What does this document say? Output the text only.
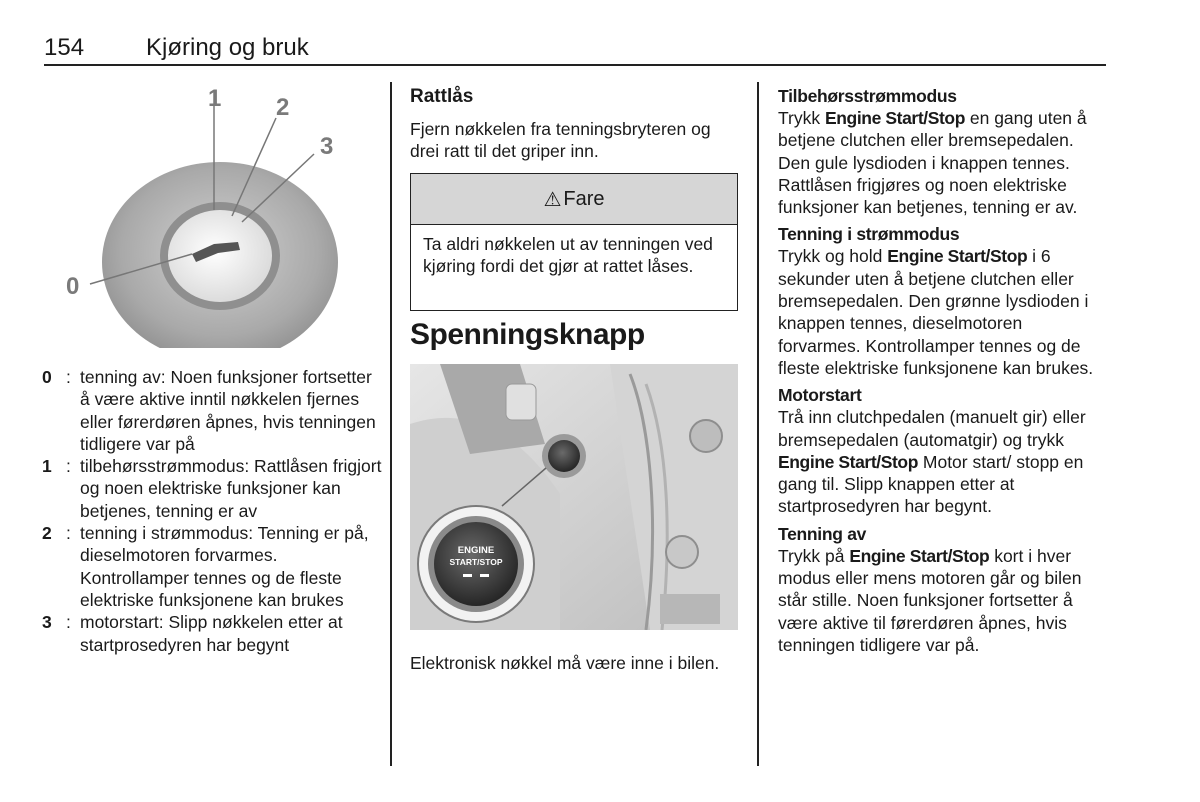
154	Kjøring og bruk
1 2
3
0
0 : tenning av: Noen funksjoner fortsetter å være aktive inntil nøkkelen fjernes eller førerdøren åpnes, hvis tenningen tidligere var på
1 : tilbehørsstrømmodus: Rattlåsen frigjort og noen elektriske funksjoner kan betjenes, tenning er av
2 : tenning i strømmodus: Tenning er på, dieselmotoren forvarmes. Kontrollamper tennes og de fleste elektriske funksjonene kan brukes
3 : motorstart: Slipp nøkkelen etter at startprosedyren har begynt
Rattlås
Fjern nøkkelen fra tenningsbryteren og drei ratt til det griper inn.
⚠ Fare
Ta aldri nøkkelen ut av tenningen ved kjøring fordi det gjør at rattet låses.
Spenningsknapp
ENGINE
START/STOP
Elektronisk nøkkel må være inne i bilen.
Tilbehørsstrømmodus
Trykk Engine Start/Stop en gang uten å betjene clutchen eller bremsepedalen. Den gule lysdioden i knappen tennes. Rattlåsen frigjøres og noen elektriske funksjoner kan betjenes, tenning er av.
Tenning i strømmodus
Trykk og hold Engine Start/Stop i 6 sekunder uten å betjene clutchen eller bremsepedalen. Den grønne lysdioden i knappen tennes, dieselmotoren forvarmes. Kontrollamper tennes og de fleste elektriske funksjonene kan brukes.
Motorstart
Trå inn clutchpedalen (manuelt gir) eller bremsepedalen (automatgir) og trykk Engine Start/Stop Motor start/ stopp en gang til. Slipp knappen etter at startprosedyren har begynt.
Tenning av
Trykk på Engine Start/Stop kort i hver modus eller mens motoren går og bilen står stille. Noen funksjoner fortsetter å være aktive til førerdøren åpnes, hvis tenningen tidligere var på.
